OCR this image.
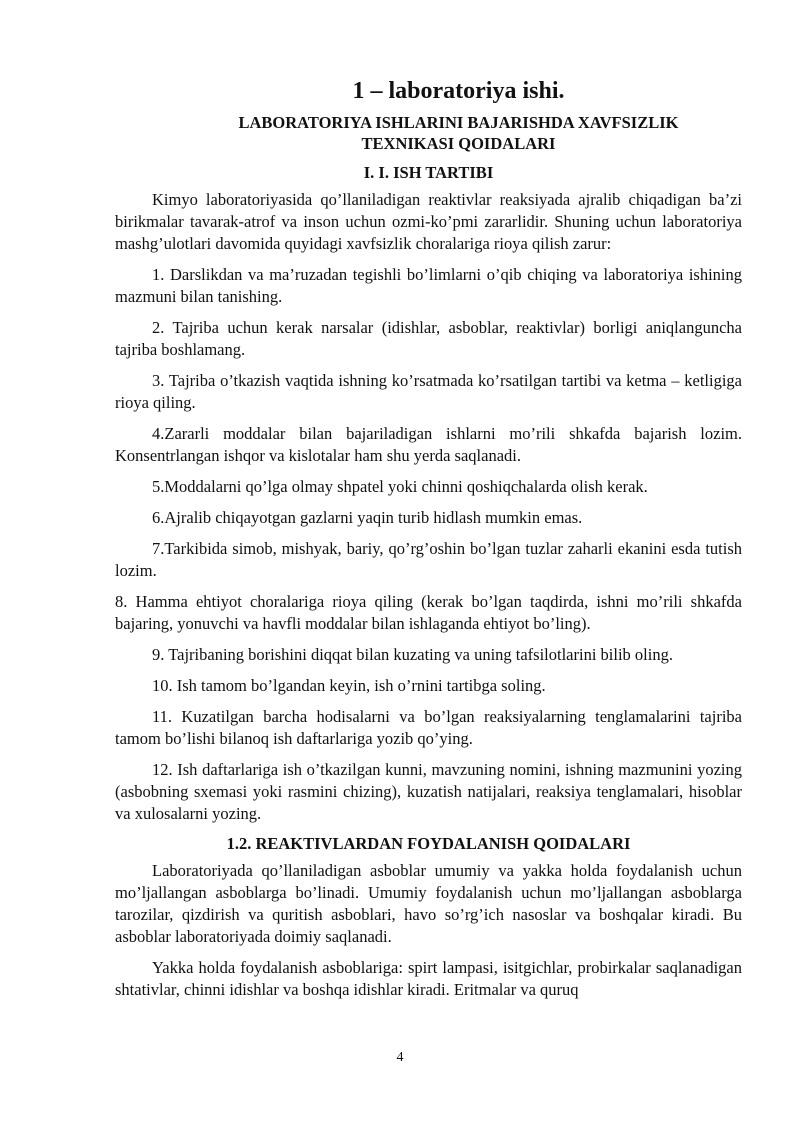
1 – laboratoriya ishi.
LABORATORIYA ISHLARINI BAJARISHDA XAVFSIZLIK
TEXNIKASI QOIDALARI
I. I. ISH TARTIBI

Kimyo laboratoriyasida qo’llaniladigan reaktivlar reaksiyada ajralib chiqadigan ba’zi birikmalar tavarak-atrof va inson uchun ozmi-ko’pmi zararlidir. Shuning uchun laboratoriya mashg’ulotlari davomida quyidagi xavfsizlik choralariga rioya qilish zarur:

1. Darslikdan va ma’ruzadan tegishli bo’limlarni o’qib chiqing va laboratoriya ishining mazmuni bilan tanishing.

2. Tajriba uchun kerak narsalar (idishlar, asboblar, reaktivlar) borligi aniqlanguncha tajriba boshlamang.

3. Tajriba o’tkazish vaqtida ishning ko’rsatmada ko’rsatilgan tartibi va ketma – ketligiga rioya qiling.

4.Zararli moddalar bilan bajariladigan ishlarni mo’rili shkafda bajarish lozim. Konsentrlangan ishqor va kislotalar ham shu yerda saqlanadi.

5.Moddalarni qo’lga olmay shpatel yoki chinni qoshiqchalarda olish kerak.

6.Ajralib chiqayotgan gazlarni yaqin turib hidlash mumkin emas.

7.Tarkibida simob, mishyak, bariy, qo’rg’oshin bo’lgan tuzlar zaharli ekanini esda tutish lozim.

8. Hamma ehtiyot choralariga rioya qiling (kerak bo’lgan taqdirda, ishni mo’rili shkafda bajaring, yonuvchi va havfli moddalar bilan ishlaganda ehtiyot bo’ling).

9. Tajribaning borishini diqqat bilan kuzating va uning tafsilotlarini bilib oling.

10. Ish tamom bo’lgandan keyin, ish o’rnini tartibga soling.

11. Kuzatilgan barcha hodisalarni va bo’lgan reaksiyalarning tenglamalarini tajriba tamom bo’lishi bilanoq ish daftarlariga yozib qo’ying.

12. Ish daftarlariga ish o’tkazilgan kunni, mavzuning nomini, ishning mazmunini yozing (asbobning sxemasi yoki rasmini chizing), kuzatish natijalari, reaksiya tenglamalari, hisoblar va xulosalarni yozing.

1.2. REAKTIVLARDAN FOYDALANISH QOIDALARI

Laboratoriyada qo’llaniladigan asboblar umumiy va yakka holda foydalanish uchun mo’ljallangan asboblarga bo’linadi. Umumiy foydalanish uchun mo’ljallangan asboblarga tarozilar, qizdirish va quritish asboblari, havo so’rg’ich nasoslar va boshqalar kiradi. Bu asboblar laboratoriyada doimiy saqlanadi.

Yakka holda foydalanish asboblariga: spirt lampasi, isitgichlar, probirkalar saqlanadigan shtativlar, chinni idishlar va boshqa idishlar kiradi. Eritmalar va quruq

4
